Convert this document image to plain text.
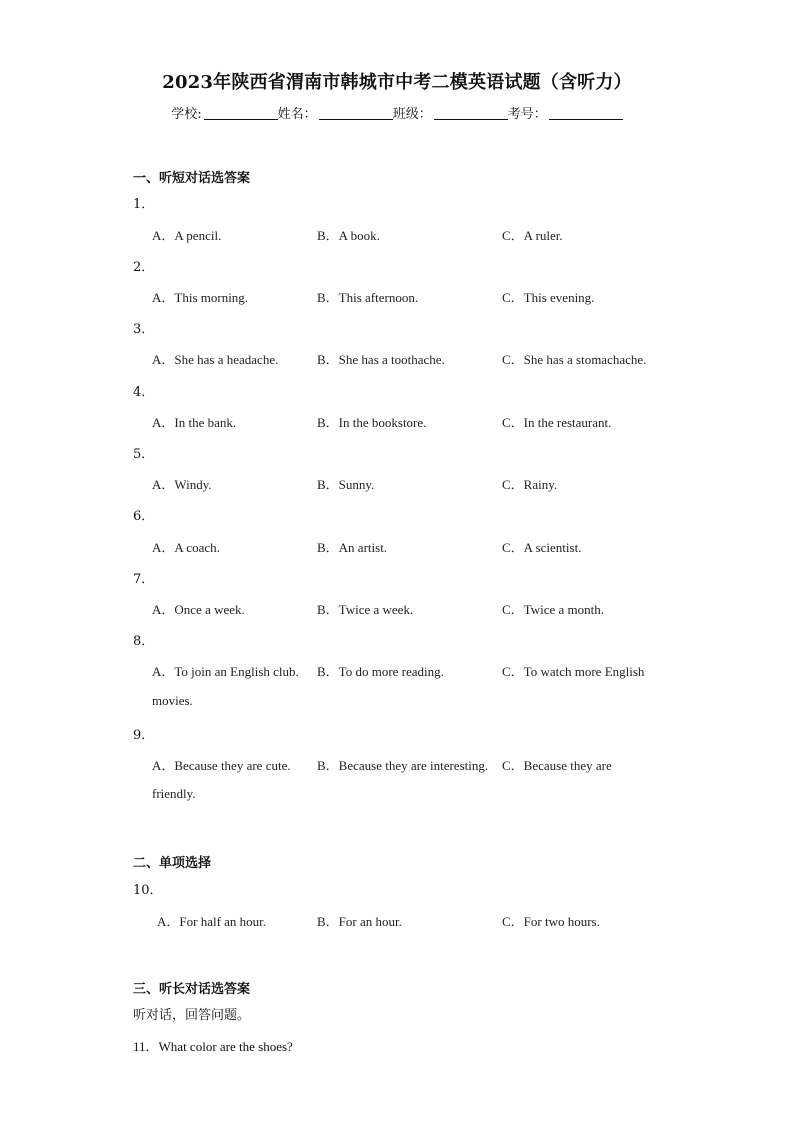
2023年陕西省渭南市韩城市中考二模英语试题（含听力）
学校:	姓名：	班级：	考号：
一、听短对话选答案
1．
A．A pencil.	B．A book.	C．A ruler.
2．
A．This morning.	B．This afternoon.	C．This evening.
3．
A．She has a headache.	B．She has a toothache.	C．She has a stomachache.
4．
A．In the bank.	B．In the bookstore.	C．In the restaurant.
5．
A．Windy.	B．Sunny.	C．Rainy.
6．
A．A coach.	B．An artist.	C．A scientist.
7．
A．Once a week.	B．Twice a week.	C．Twice a month.
8．
A．To join an English club. B．To do more reading.	C．To watch more English
movies.
9．
A．Because they are cute. B．Because they are interesting. C．Because they are
friendly.
二、单项选择
10．
A．For half an hour.	B．For an hour.	C．For two hours.
三、听长对话选答案
听对话，回答问题。
11．What color are the shoes?
